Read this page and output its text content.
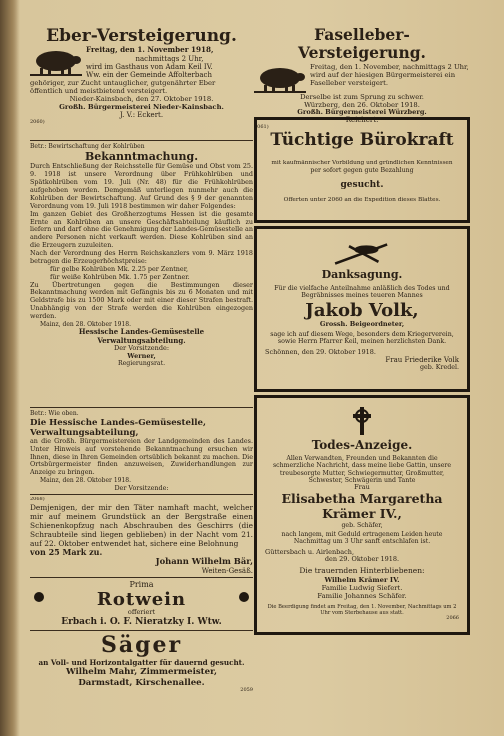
Eber-Versteigerung.

Freitag, den 1. November 1918,

nachmittags 2 Uhr,

wird im Gasthaus von Adam Keil IV.

Ww. ein der Gemeinde Affolterbach

gehöriger, zur Zucht untauglicher, gutgenährter Eber

öffentlich und meistbietend versteigert.

Nieder-Kainsbach, den 27. Oktober 1918.

Großh. Bürgermeisterei Nieder-Kainsbach.

J. V.: Eckert.

2060)

Betr.: Bewirtschaftung der Kohlrüben

Bekanntmachung.

Durch Entschließung der Reichsstelle für Gemüse und Obst vom 25. 9. 1918 ist unsere Verordnung über Frühkohlrüben und Spätkohlrüben vom 19. Juli (Nr. 48) für die Frühkohlrüben aufgehoben worden. Demgemäß unterliegen nunmehr auch die Kohlrüben der Bewirtschaftung. Auf Grund des § 9 der genannten Verordnung vom 19. Juli 1918 bestimmen wir daher Folgendes:

Im ganzen Gebiet des Großherzogtums Hessen ist die gesamte Ernte an Kohlrüben an unsere Geschäftsabteilung käuflich zu liefern und darf ohne die Genehmigung der Landes-Gemüsestelle an andere Personen nicht verkauft werden. Diese Kohlrüben sind an die Erzeugern zuzuleiten.

Nach der Verordnung des Herrn Reichskanzlers vom 9. März 1918 betragen die Erzeugerhöchstpreise:

für gelbe Kohlrüben Mk. 2.25 per Zentner,

für weiße Kohlrüben Mk. 1.75 per Zentner.

Zu Übertretungen gegen die Bestimmungen dieser Bekanntmachung werden mit Gefängnis bis zu 6 Monaten und mit Geldstrafe bis zu 1500 Mark oder mit einer dieser Strafen bestraft. Unabhängig von der Strafe werden die Kohlrüben eingezogen werden.

Mainz, den 28. Oktober 1918.

Hessische Landes-Gemüsestelle

Verwaltungsabteilung.

Der Vorsitzende:

Werner,

Regierungsrat.

Betr.: Wie oben.

Die Hessische Landes-Gemüsestelle, Verwaltungsabteilung,

an die Großh. Bürgermeistereien der Landgemeinden des Landes. Unter Hinweis auf vorstehende Bekanntmachung ersuchen wir Ihnen, diese in Ihren Gemeinden ortsüblich bekannt zu machen. Die Ortsbürgermeister finden anzuweisen, Zuwiderhandlungen zur Anzeige zu bringen.

Mainz, den 28. Oktober 1918.

Der Vorsitzende:

2068)

Demjenigen, der mir den Täter namhaft macht, welcher mir auf meinem Grundstück an der Bergstraße einen Schienenkopfzug nach Abschrauben des Geschirrs (die Schraubteile sind liegen geblieben) in der Nacht vom 21. auf 22. Oktober entwendet hat, sichere eine Belohnung

von 25 Mark zu.

Johann Wilhelm Bär,

Weiten-Gesäß.

Prima

Rotwein

offeriert

Erbach i. O. F. Nieratzky I. Wtw.

Säger

an Voll- und Horizontalgatter für dauernd gesucht.

Wilhelm Mahr, Zimmermeister,

Darmstadt, Kirschenallee.

2059

Faselleber-Versteigerung.

Freitag, den 1. November, nachmittags 2 Uhr, wird auf der hiesigen Bürgermeisterei ein Faselleber versteigert.

Derselbe ist zum Sprung zu schwer.

Würzberg, den 26. Oktober 1918.

Großh. Bürgermeisterei Würzberg.

Reichert.

2061)

Tüchtige Bürokraft

mit kaufmännischer Vorbildung und gründlichen Kenntnissen

per sofort gegen gute Bezahlung

gesucht.

Offerten unter 2060 an die Expedition dieses Blattes.

Danksagung.

Für die vielfache Anteilnahme anläßlich des Todes und Begräbnisses meines teueren Mannes

Jakob Volk,

Grossh. Beigeordneter,

sage ich auf diesem Wege, besonders dem Kriegerverein, sowie Herrn Pfarrer Keil, meinen herzlichsten Dank.

Schönnen, den 29. Oktober 1918.

Frau Friederike Volk

geb. Kredel.

Todes-Anzeige.

Allen Verwandten, Freunden und Bekannten die schmerzliche Nachricht, dass meine liebe Gattin, unsere treubesorgte Mutter, Schwiegermutter, Großmutter, Schwester, Schwägerin und Tante

Frau

Elisabetha Margaretha Krämer IV.,

geb. Schäfer,

nach langem, mit Geduld ertragenem Leiden heute Nachmittag um 3 Uhr sanft entschlafen ist.

Güttersbach u. Airlenbach,

den 29. Oktober 1918.

Die trauernden Hinterbliebenen:

Wilhelm Krämer IV.

Familie Ludwig Siefert.

Familie Johannes Schäfer.

Die Beerdigung findet am Freitag, den 1. November, Nachmittags um 2 Uhr vom Sterbehause aus statt.

2066
